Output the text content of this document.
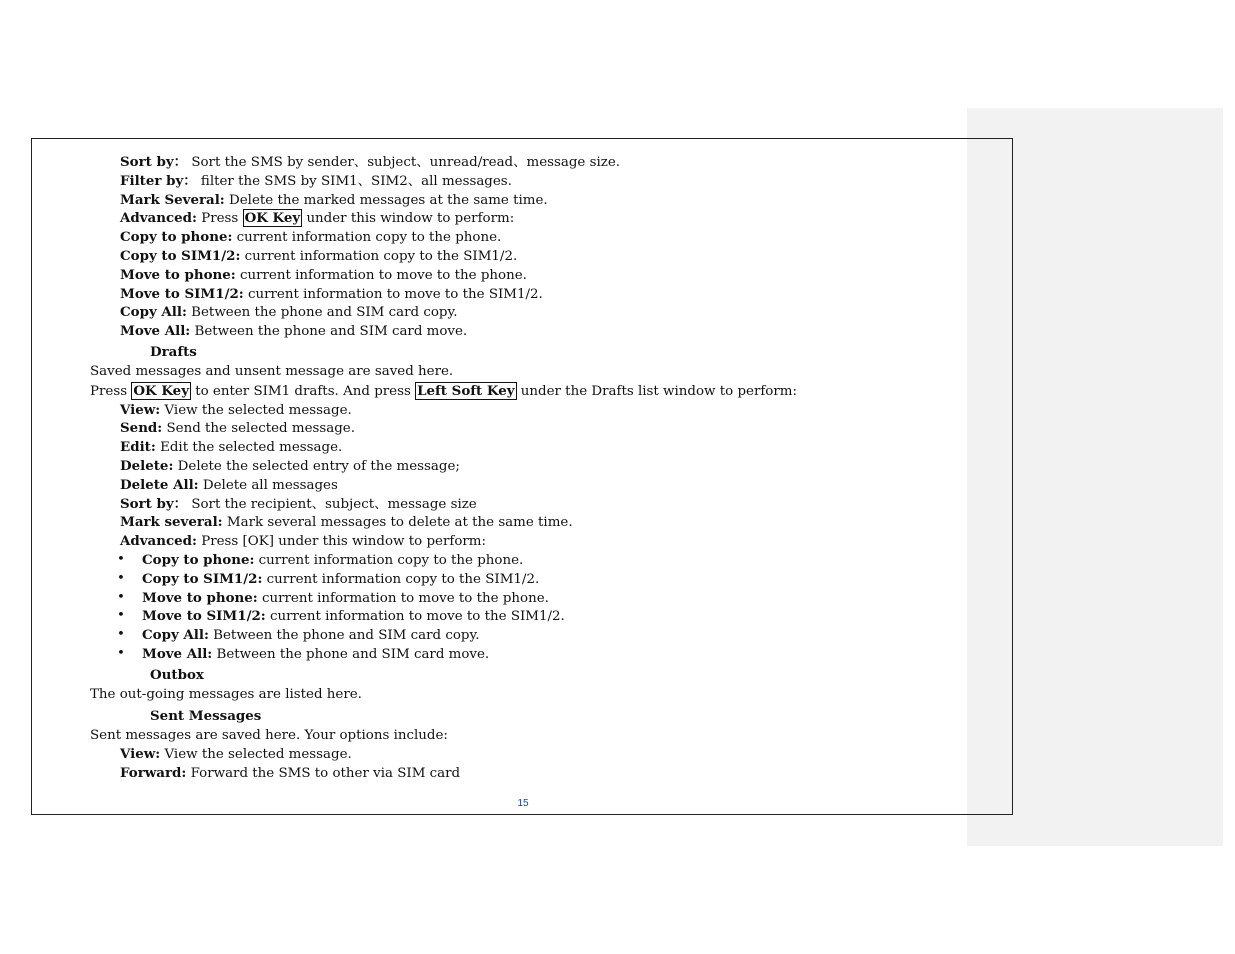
Sort by： Sort the SMS by sender、subject、unread/read、message size.
Filter by： filter the SMS by SIM1、SIM2、all messages.
Mark Several: Delete the marked messages at the same time.
Advanced: Press OK Key under this window to perform:
Copy to phone: current information copy to the phone.
Copy to SIM1/2: current information copy to the SIM1/2.
Move to phone: current information to move to the phone.
Move to SIM1/2: current information to move to the SIM1/2.
Copy All: Between the phone and SIM card copy.
Move All: Between the phone and SIM card move.
Drafts
Saved messages and unsent message are saved here.
Press OK Key to enter SIM1 drafts. And press Left Soft Key under the Drafts list window to perform:
View: View the selected message.
Send: Send the selected message.
Edit: Edit the selected message.
Delete: Delete the selected entry of the message;
Delete All: Delete all messages
Sort by： Sort the recipient、subject、message size
Mark several: Mark several messages to delete at the same time.
Advanced: Press [OK] under this window to perform:
• Copy to phone: current information copy to the phone.
• Copy to SIM1/2: current information copy to the SIM1/2.
• Move to phone: current information to move to the phone.
• Move to SIM1/2: current information to move to the SIM1/2.
• Copy All: Between the phone and SIM card copy.
• Move All: Between the phone and SIM card move.
Outbox
The out-going messages are listed here.
Sent Messages
Sent messages are saved here. Your options include:
View: View the selected message.
Forward: Forward the SMS to other via SIM card
15
